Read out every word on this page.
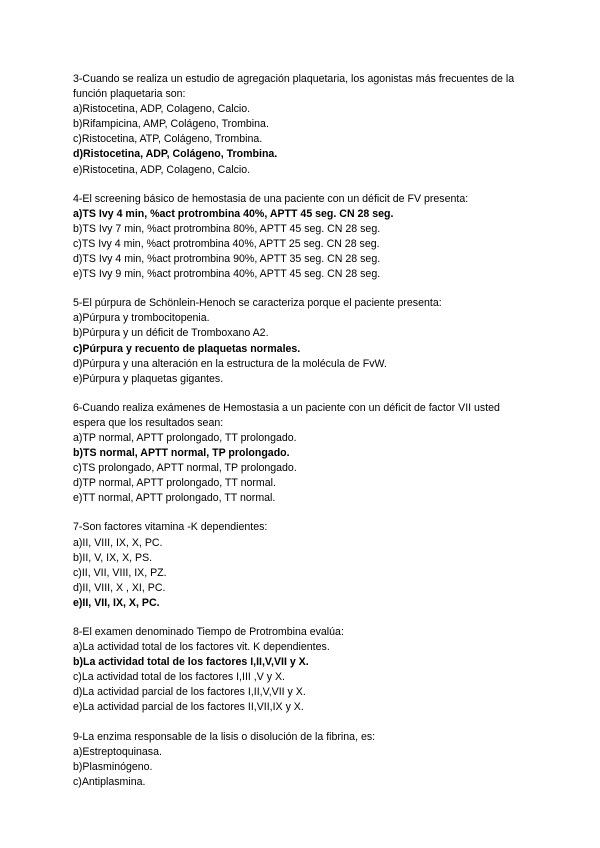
3-Cuando se realiza un estudio de agregación plaquetaria, los agonistas más frecuentes de la función plaquetaria son:

a)Ristocetina, ADP, Colageno, Calcio.

b)Rifampicina, AMP, Colágeno, Trombina.

c)Ristocetina, ATP, Colágeno, Trombina.

d)Ristocetina, ADP, Colágeno, Trombina.

e)Ristocetina, ADP, Colageno, Calcio.

4-El screening básico de hemostasia de una paciente con un déficit de FV presenta:

a)TS Ivy 4 min, %act protrombina 40%, APTT 45 seg. CN 28 seg.

b)TS Ivy 7 min, %act protrombina 80%, APTT 45 seg. CN 28 seg.

c)TS Ivy 4 min, %act protrombina 40%, APTT 25 seg. CN 28 seg.

d)TS Ivy 4 min, %act protrombina 90%, APTT 35 seg. CN 28 seg.

e)TS Ivy 9 min, %act protrombina 40%, APTT 45 seg. CN 28 seg.

5-El púrpura de Schönlein-Henoch se caracteriza porque el paciente presenta:

a)Púrpura y trombocitopenia.

b)Púrpura y un déficit de Tromboxano A2.

c)Púrpura y recuento de plaquetas normales.

d)Púrpura y una alteración en la estructura de la molécula de FvW.

e)Púrpura y plaquetas gigantes.

6-Cuando realiza exámenes de Hemostasia a un paciente con un déficit de factor VII usted espera que los resultados sean:

a)TP normal, APTT prolongado, TT prolongado.

b)TS normal, APTT normal, TP prolongado.

c)TS prolongado, APTT normal, TP prolongado.

d)TP normal, APTT prolongado, TT normal.

e)TT normal, APTT prolongado, TT normal.

7-Son factores vitamina -K dependientes:

a)II, VIII, IX, X, PC.

b)II, V, IX, X, PS.

c)II, VII, VIII, IX, PZ.

d)II, VIII, X , XI, PC.

e)II, VII, IX, X, PC.

8-El examen denominado Tiempo de Protrombina evalúa:

a)La actividad total de los factores vit. K dependientes.

b)La actividad total de los factores I,II,V,VII y X.

c)La actividad total de los factores I,III ,V y X.

d)La actividad parcial de los factores I,II,V,VII y X.

e)La actividad parcial de los factores II,VII,IX y X.

9-La enzima responsable de la lisis o disolución de la fibrina, es:

a)Estreptoquinasa.

b)Plasminógeno.

c)Antiplasmina.
